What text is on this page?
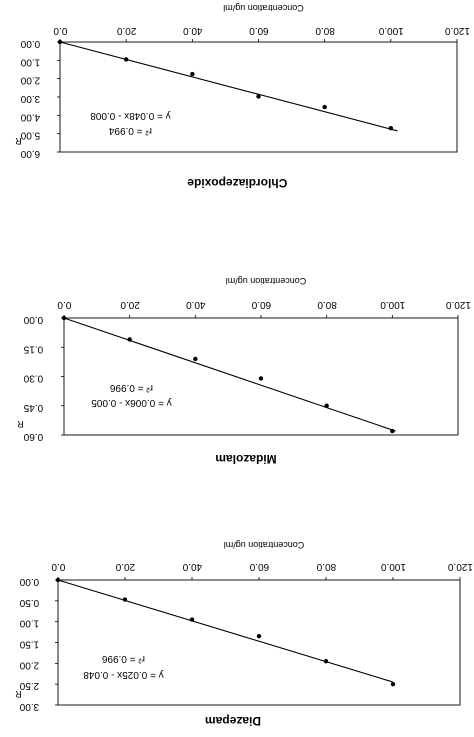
0.0	20.0	40.0	60.0	80.0	100.0	120.0
Concentration ug/ml
0.00
1.00
2.00
3.00
4.00
5.00
6.00
R
y = 0.048x - 0.008
r² = 0.994
Chlordiazepoxide
0.0	20.0	40.0	60.0	80.0	100.0	120.0
Concentration ug/ml
0.00
0.15
0.30
0.45
0.60
R
y = 0.006x - 0.005
r² = 0.996
Midazolam
0.0	20.0	40.0	60.0	80.0	100.0	120.0
Concentration ug/ml
0.00
0.50
1.00
1.50
2.00
2.50
3.00
R
y = 0.025x - 0.048
r² = 0.996
Diazepam
